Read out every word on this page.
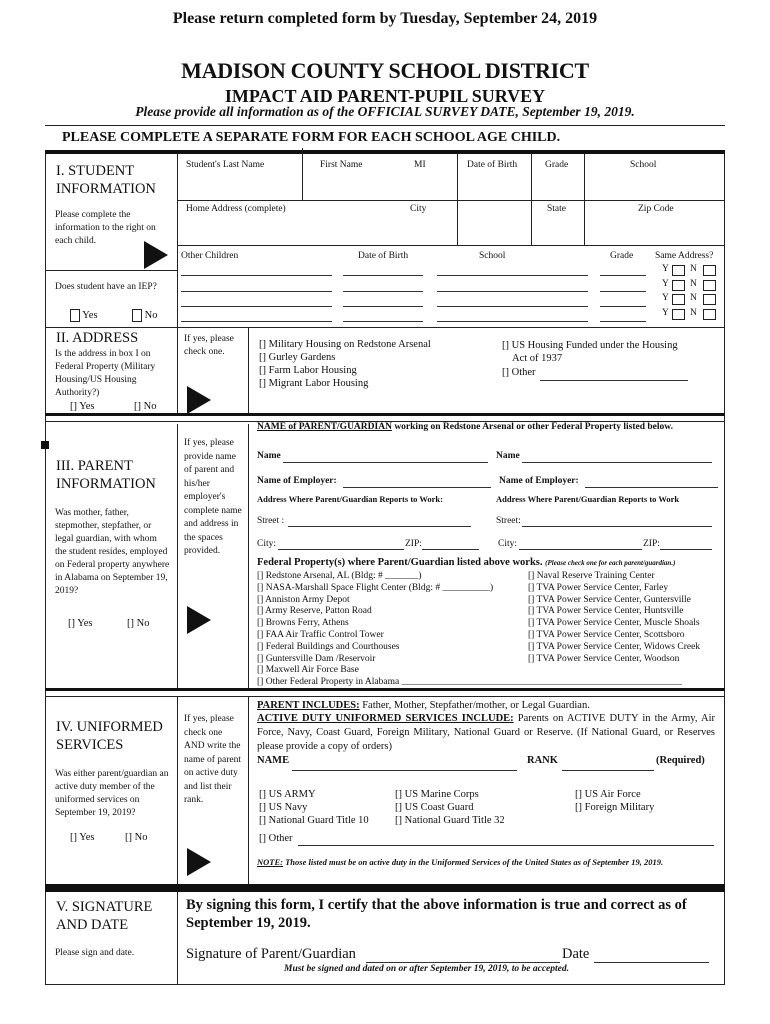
Please return completed form by Tuesday, September 24, 2019
MADISON COUNTY SCHOOL DISTRICT
IMPACT AID PARENT-PUPIL SURVEY
Please provide all information as of the OFFICIAL SURVEY DATE, September 19, 2019.
PLEASE COMPLETE A SEPARATE FORM FOR EACH SCHOOL AGE CHILD.
I. STUDENT INFORMATION
Please complete the information to the right on each child.
Does student have an IEP?
Yes	No
Student's Last Name	First Name	MI	Date of Birth	Grade	School
Home Address (complete)	City	State	Zip Code
Other Children	Date of Birth	School	Grade Same Address?
Y N
Y N
Y N
Y N
II. ADDRESS
Is the address in box I on Federal Property (Military Housing/US Housing Authority?)
[] Yes	[] No
If yes, please check one.
[] Military Housing on Redstone Arsenal
[] Gurley Gardens
[] Farm Labor Housing
[] Migrant Labor Housing
[] US Housing Funded under the Housing
Act of 1937
[] Other
III. PARENT INFORMATION
Was mother, father, stepmother, stepfather, or legal guardian, with whom the student resides, employed on Federal property anywhere in Alabama on September 19, 2019?
[] Yes	[] No
If yes, please provide name of parent and his/her employer's complete name and address in the spaces provided.
NAME of PARENT/GUARDIAN working on Redstone Arsenal or other Federal Property listed below.
Name	Name
Name of Employer:	Name of Employer:
Address Where Parent/Guardian Reports to Work:	Address Where Parent/Guardian Reports to Work
Street :	Street:
City:	ZIP:	City:	ZIP:
Federal Property(s) where Parent/Guardian listed above works. (Please check one for each parent/guardian.)
[] Redstone Arsenal, AL (Bldg: # _______)
[] NASA-Marshall Space Flight Center (Bldg: # __________)
[] Anniston Army Depot
[] Army Reserve, Patton Road
[] Browns Ferry, Athens
[] FAA Air Traffic Control Tower
[] Federal Buildings and Courthouses
[] Guntersville Dam /Reservoir
[] Maxwell Air Force Base
[] Other Federal Property in Alabama ___________________________________________________________
[] Naval Reserve Training Center
[] TVA Power Service Center, Farley
[] TVA Power Service Center, Guntersville
[] TVA Power Service Center, Huntsville
[] TVA Power Service Center, Muscle Shoals
[] TVA Power Service Center, Scottsboro
[] TVA Power Service Center, Widows Creek
[] TVA Power Service Center, Woodson
IV. UNIFORMED SERVICES
Was either parent/guardian an active duty member of the uniformed services on September 19, 2019?
[] Yes	[] No
If yes, please check one AND write the name of parent on active duty and list their rank.
PARENT INCLUDES: Father, Mother, Stepfather/mother, or Legal Guardian.
ACTIVE DUTY UNIFORMED SERVICES INCLUDE: Parents on ACTIVE DUTY in the Army, Air Force, Navy, Coast Guard, Foreign Military, National Guard or Reserve. (If National Guard, or Reserves please provide a copy of orders)
NAME	RANK	(Required)
[] US ARMY
[] US Navy
[] National Guard Title 10
[] US Marine Corps
[] US Coast Guard
[] National Guard Title 32
[] US Air Force
[] Foreign Military
[] Other
NOTE: Those listed must be on active duty in the Uniformed Services of the United States as of September 19, 2019.
V. SIGNATURE AND DATE
Please sign and date.
By signing this form, I certify that the above information is true and correct as of September 19, 2019.
Signature of Parent/Guardian	Date
Must be signed and dated on or after September 19, 2019, to be accepted.
